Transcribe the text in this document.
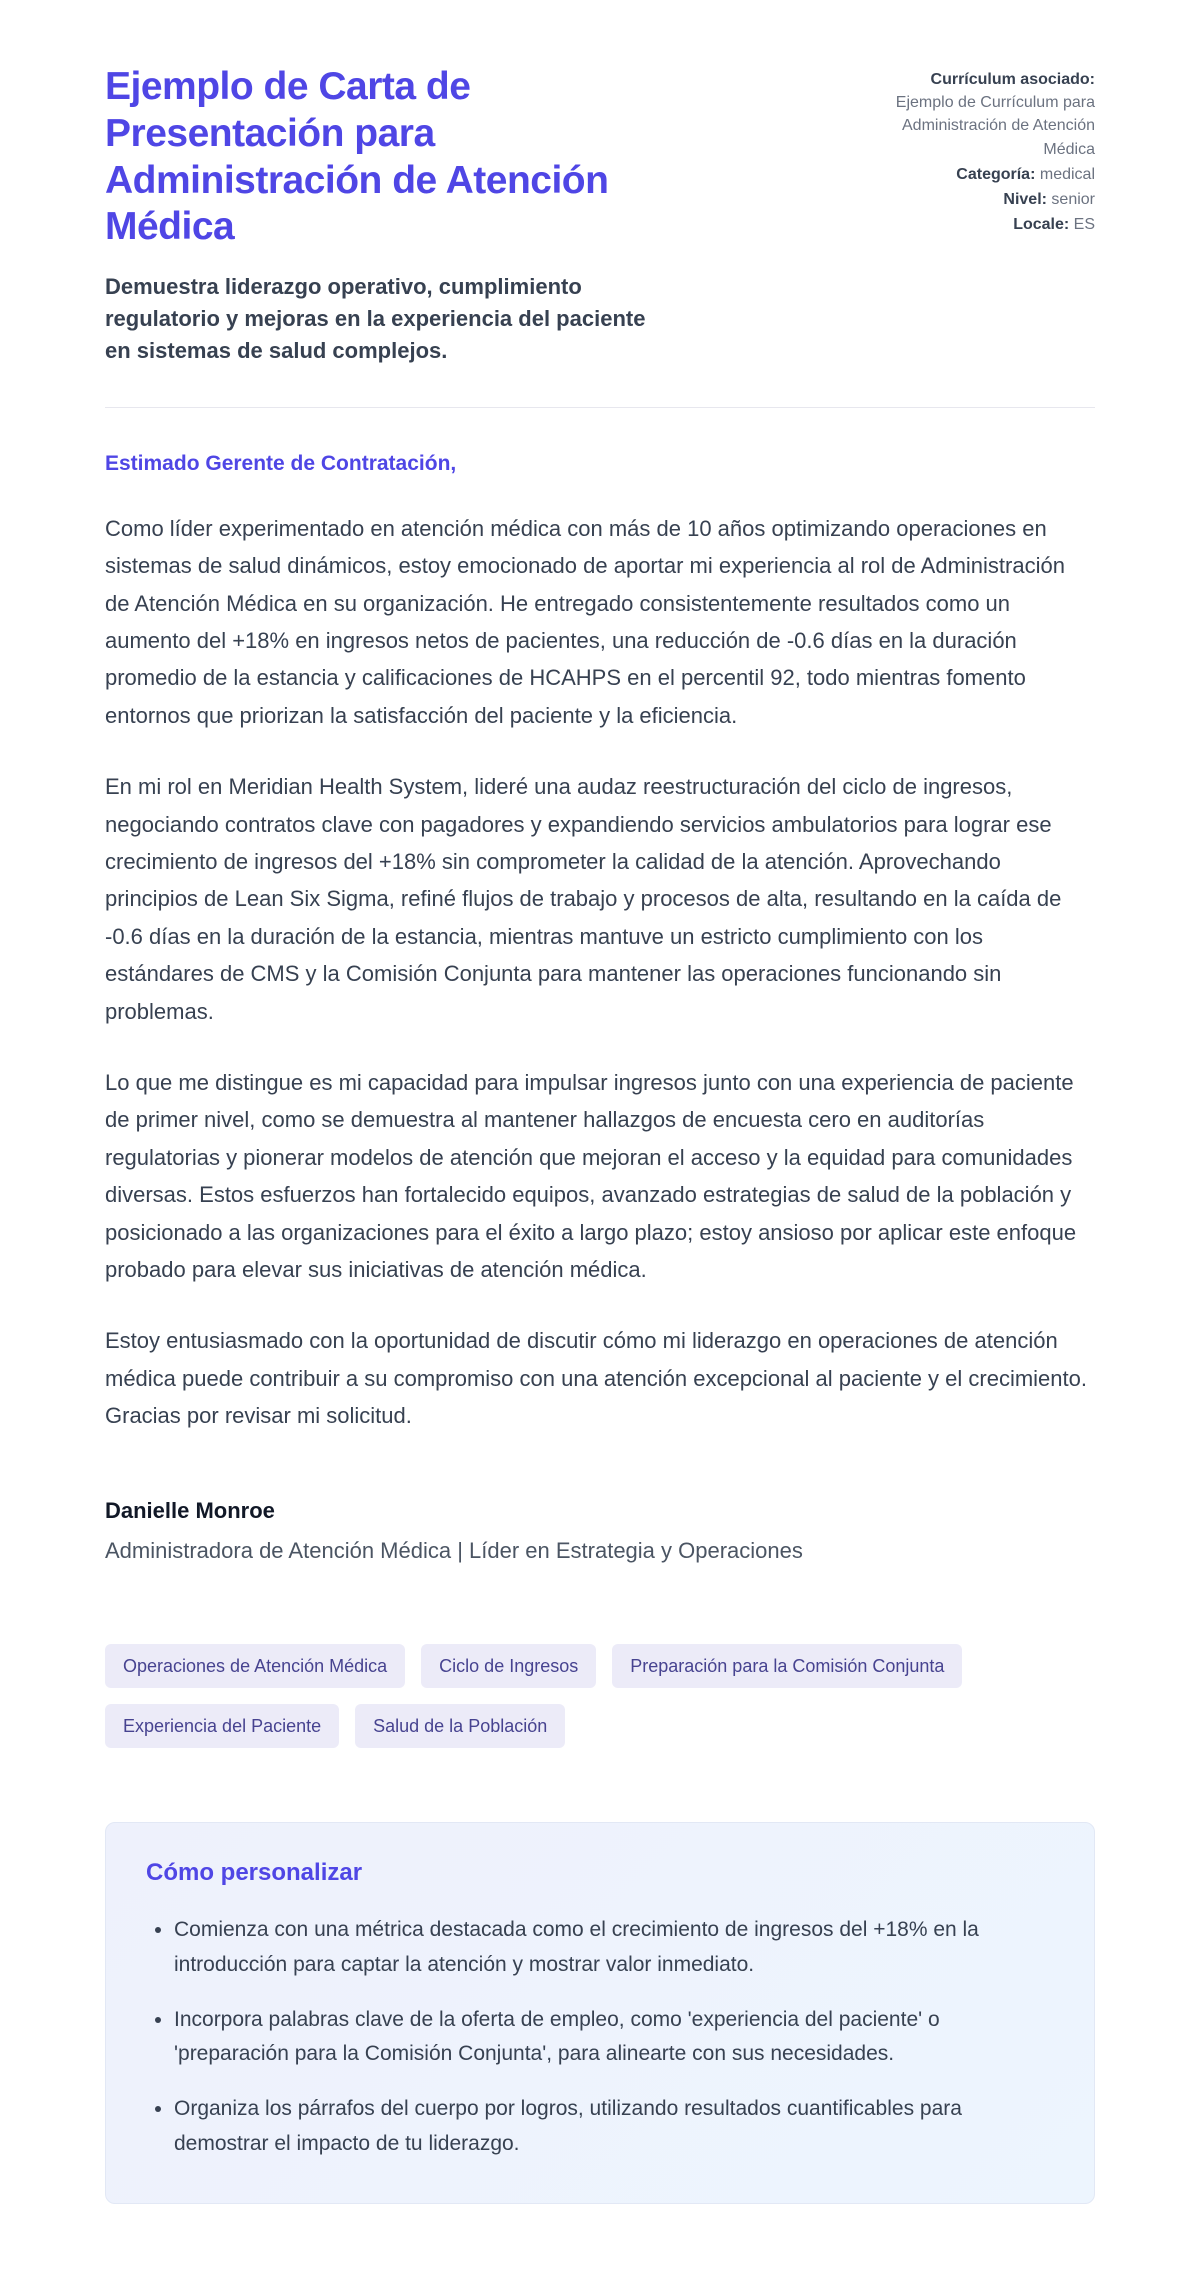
Ejemplo de Carta de Presentación para Administración de Atención Médica

Demuestra liderazgo operativo, cumplimiento regulatorio y mejoras en la experiencia del paciente en sistemas de salud complejos.

Currículum asociado:
Ejemplo de Currículum para Administración de Atención Médica
Categoría: medical
Nivel: senior
Locale: ES

Estimado Gerente de Contratación,

Como líder experimentado en atención médica con más de 10 años optimizando operaciones en sistemas de salud dinámicos, estoy emocionado de aportar mi experiencia al rol de Administración de Atención Médica en su organización. He entregado consistentemente resultados como un aumento del +18% en ingresos netos de pacientes, una reducción de -0.6 días en la duración promedio de la estancia y calificaciones de HCAHPS en el percentil 92, todo mientras fomento entornos que priorizan la satisfacción del paciente y la eficiencia.

En mi rol en Meridian Health System, lideré una audaz reestructuración del ciclo de ingresos, negociando contratos clave con pagadores y expandiendo servicios ambulatorios para lograr ese crecimiento de ingresos del +18% sin comprometer la calidad de la atención. Aprovechando principios de Lean Six Sigma, refiné flujos de trabajo y procesos de alta, resultando en la caída de -0.6 días en la duración de la estancia, mientras mantuve un estricto cumplimiento con los estándares de CMS y la Comisión Conjunta para mantener las operaciones funcionando sin problemas.

Lo que me distingue es mi capacidad para impulsar ingresos junto con una experiencia de paciente de primer nivel, como se demuestra al mantener hallazgos de encuesta cero en auditorías regulatorias y pionerar modelos de atención que mejoran el acceso y la equidad para comunidades diversas. Estos esfuerzos han fortalecido equipos, avanzado estrategias de salud de la población y posicionado a las organizaciones para el éxito a largo plazo; estoy ansioso por aplicar este enfoque probado para elevar sus iniciativas de atención médica.

Estoy entusiasmado con la oportunidad de discutir cómo mi liderazgo en operaciones de atención médica puede contribuir a su compromiso con una atención excepcional al paciente y el crecimiento. Gracias por revisar mi solicitud.

Danielle Monroe

Administradora de Atención Médica | Líder en Estrategia y Operaciones

Operaciones de Atención Médica	Ciclo de Ingresos	Preparación para la Comisión Conjunta
Experiencia del Paciente	Salud de la Población
Cómo personalizar
• Comienza con una métrica destacada como el crecimiento de ingresos del +18% en la introducción para captar la atención y mostrar valor inmediato.
• Incorpora palabras clave de la oferta de empleo, como 'experiencia del paciente' o 'preparación para la Comisión Conjunta', para alinearte con sus necesidades.
• Organiza los párrafos del cuerpo por logros, utilizando resultados cuantificables para demostrar el impacto de tu liderazgo.
